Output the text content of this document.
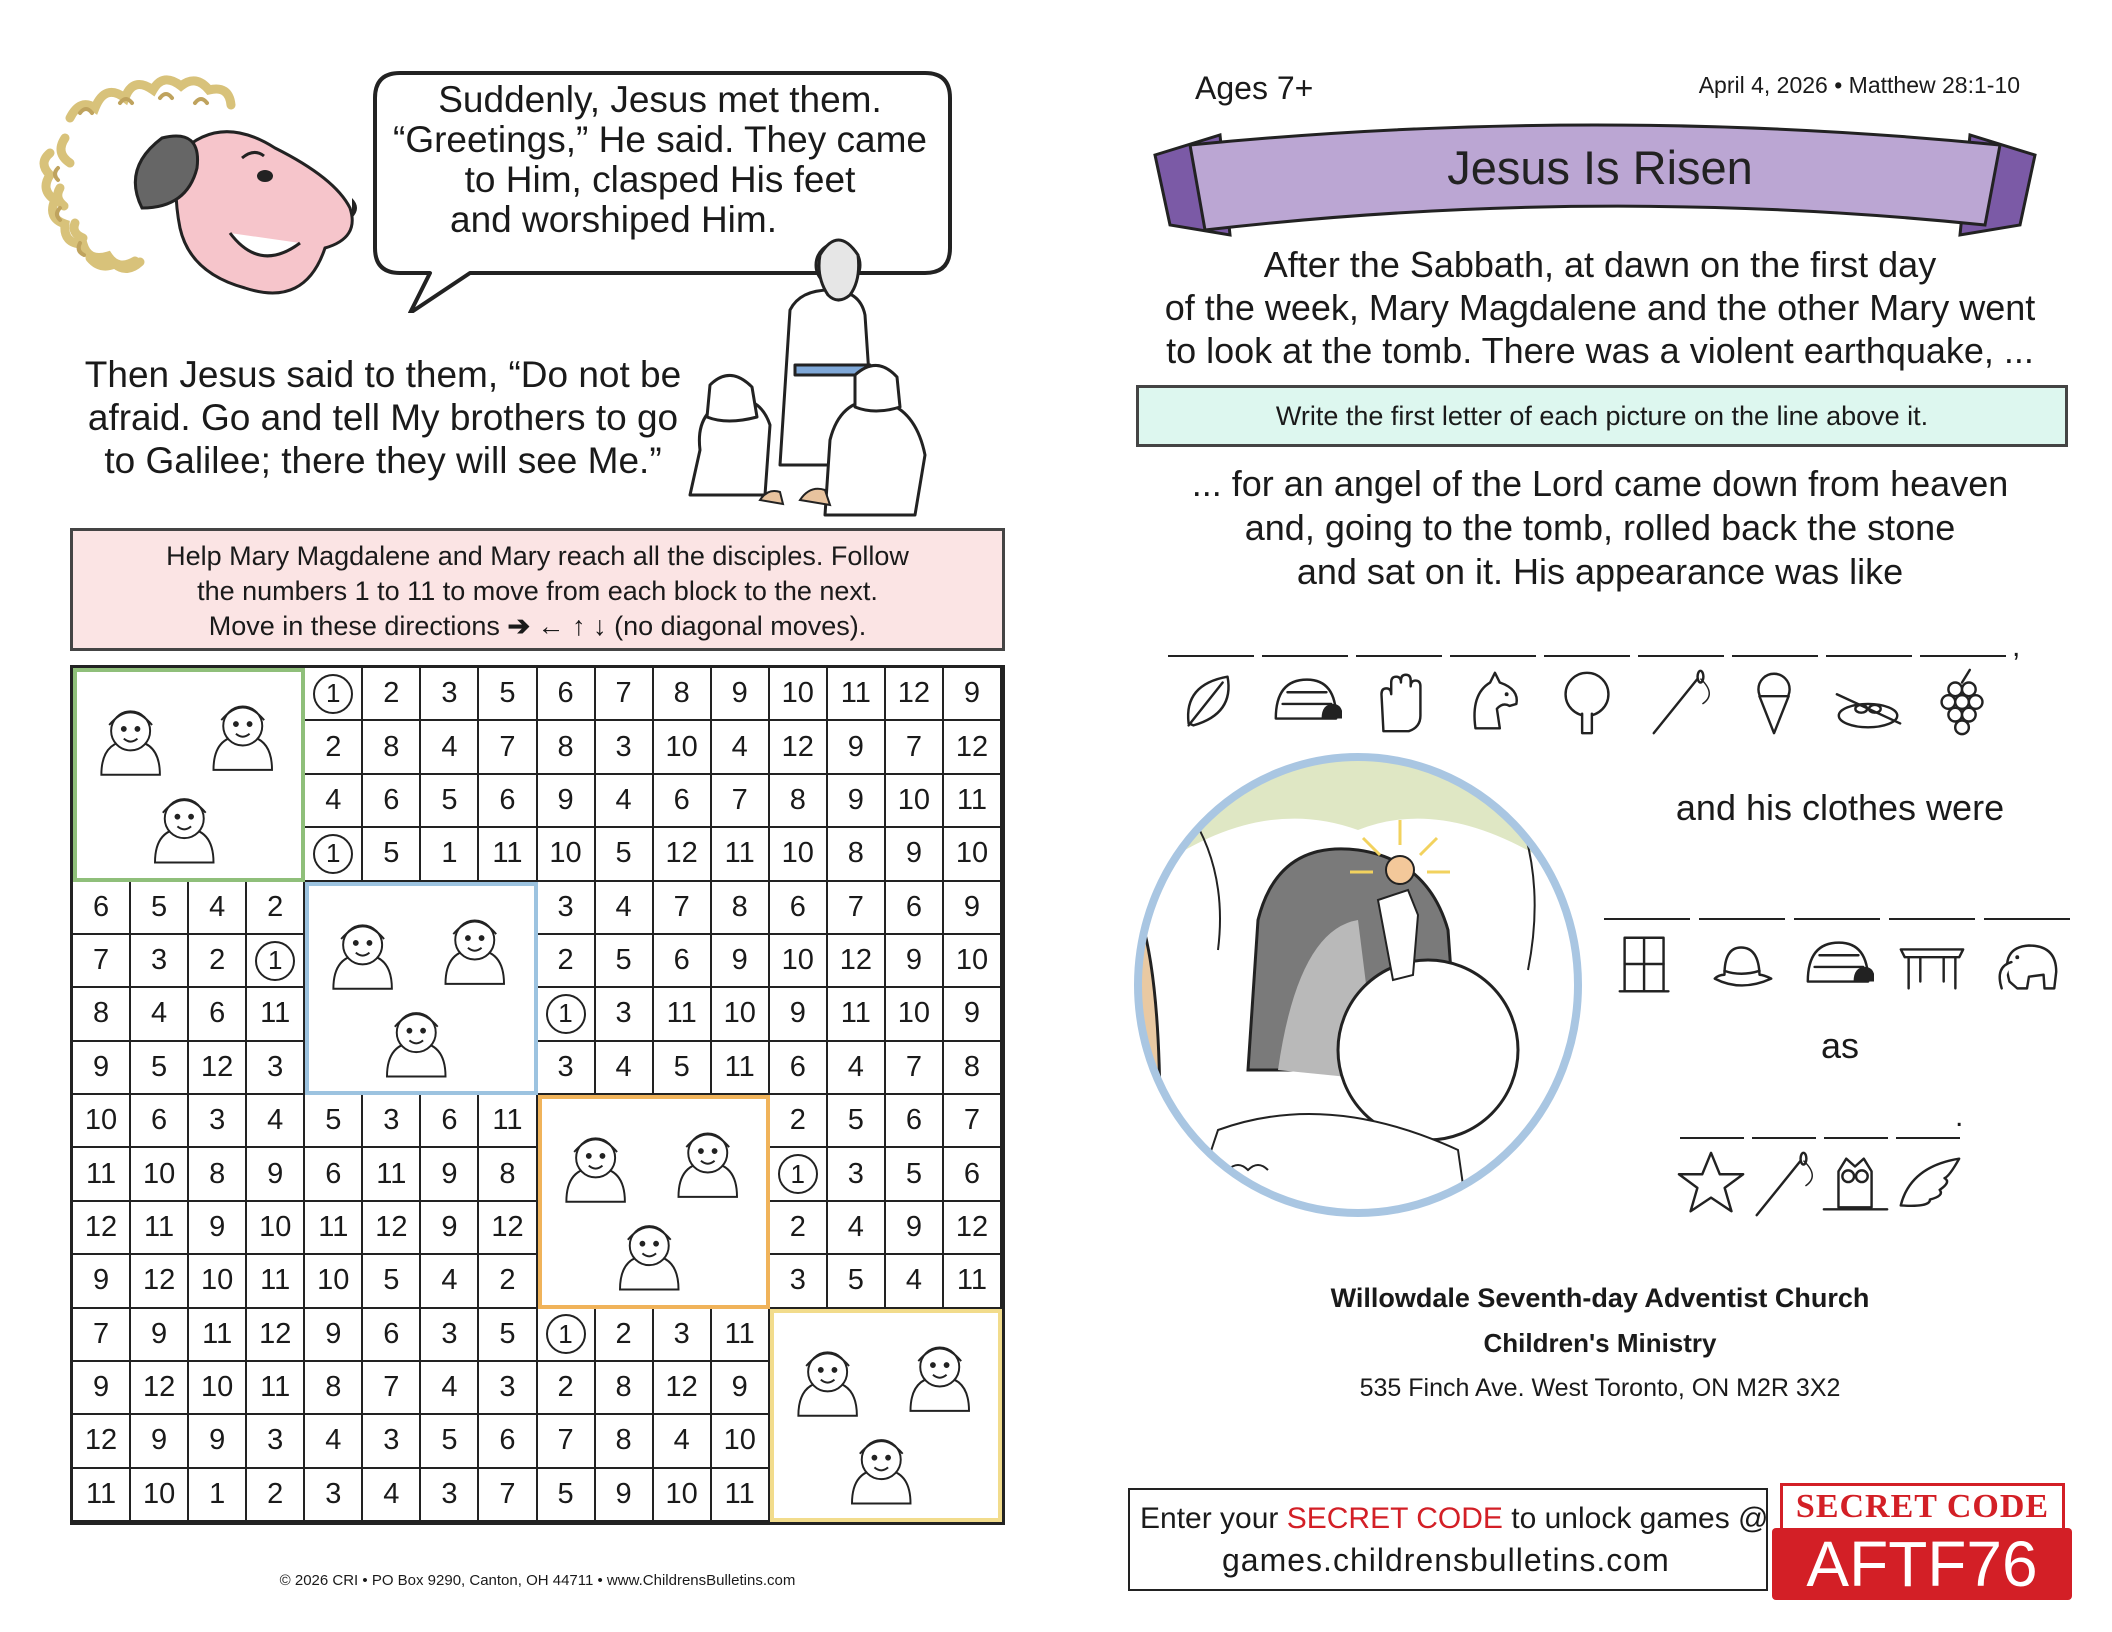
Suddenly, Jesus met them.
“Greetings,” He said. They came
to Him, clasped His feet
and worshiped Him.
Then Jesus said to them, “Do not be
afraid. Go and tell My brothers to go
to Galilee; there they will see Me.”
Help Mary Magdalene and Mary reach all the disciples. Follow
the numbers 1 to 11 to move from each block to the next.
Move in these directions ➔ ← ↑ ↓ (no diagonal moves).
1	2 3 5 6 7 8 9 10 11 12 9
2 8 4 7 8 3 10 4 12 9 7 12
4 6 5 6 9 4 6 7 8 9 10 11
1	5 1 11 10 5 12 11 10 8 9 10
6 5 4 2	3 4 7 8 6 7 6 9
7 3 2	1	2 5 6 9 10 12 9 10
8 4 6 11	1	3 11 10 9 11 10 9
9 5 12 3	3 4 5 11 6 4 7 8
10 6 3 4 5 3 6 11	2 5 6 7
11 10 8 9 6 11 9 8	1	3 5 6
12 11 9 10 11 12 9 12	2 4 9 12
9 12 10 11 10 5 4 2	3 5 4 11
7 9 11 12 9 6 3 5	1	2 3 11
9 12 10 11 8 7 4 3 2 8 12 9
12 9 9 3 4 3 5 6 7 8 4 10
11 10 1 2 3 4 3 7 5 9 10 11
© 2026 CRI • PO Box 9290, Canton, OH 44711 • www.ChildrensBulletins.com
Ages 7+	April 4, 2026 • Matthew 28:1-10
Jesus Is Risen
After the Sabbath, at dawn on the first day
of the week, Mary Magdalene and the other Mary went
to look at the tomb. There was a violent earthquake, ...
Write the first letter of each picture on the line above it.
... for an angel of the Lord came down from heaven
and, going to the tomb, rolled back the stone
and sat on it. His appearance was like
,
and his clothes were
as
.
Willowdale Seventh-day Adventist Church
Children's Ministry
535 Finch Ave. West Toronto, ON M2R 3X2
Enter your SECRET CODE to unlock games @
games.childrensbulletins.com
SECRET CODE
AFTF76
